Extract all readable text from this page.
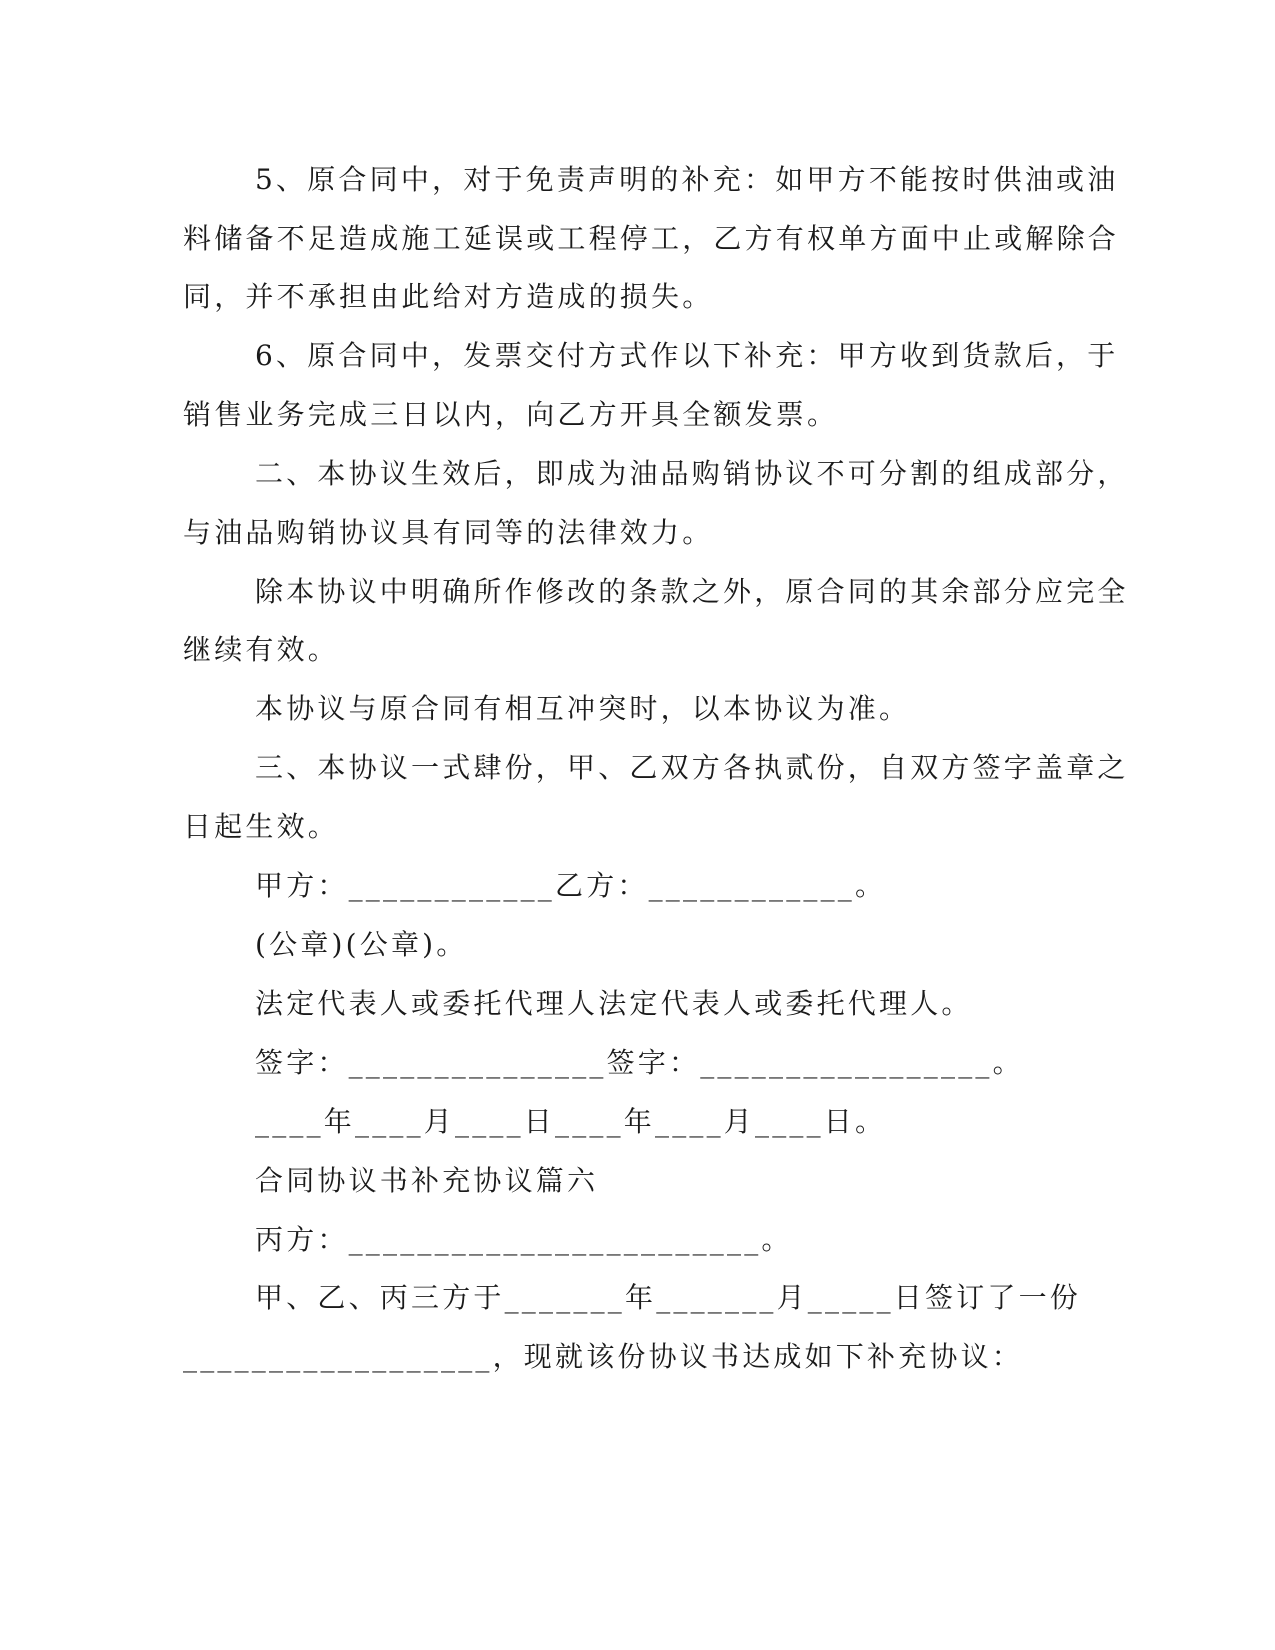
5、原合同中，对于免责声明的补充：如甲方不能按时供油或油
料储备不足造成施工延误或工程停工，乙方有权单方面中止或解除合
同，并不承担由此给对方造成的损失。
6、原合同中，发票交付方式作以下补充：甲方收到货款后，于
销售业务完成三日以内，向乙方开具全额发票。
二、本协议生效后，即成为油品购销协议不可分割的组成部分，
与油品购销协议具有同等的法律效力。
除本协议中明确所作修改的条款之外，原合同的其余部分应完全
继续有效。
本协议与原合同有相互冲突时，以本协议为准。
三、本协议一式肆份，甲、乙双方各执贰份，自双方签字盖章之
日起生效。
甲方：____________乙方：____________。
(公章)(公章)。
法定代表人或委托代理人法定代表人或委托代理人。
签字：_______________签字：_________________。
____年____月____日____年____月____日。
合同协议书补充协议篇六
丙方：________________________。
甲、乙、丙三方于_______年_______月_____日签订了一份
__________________，现就该份协议书达成如下补充协议：
